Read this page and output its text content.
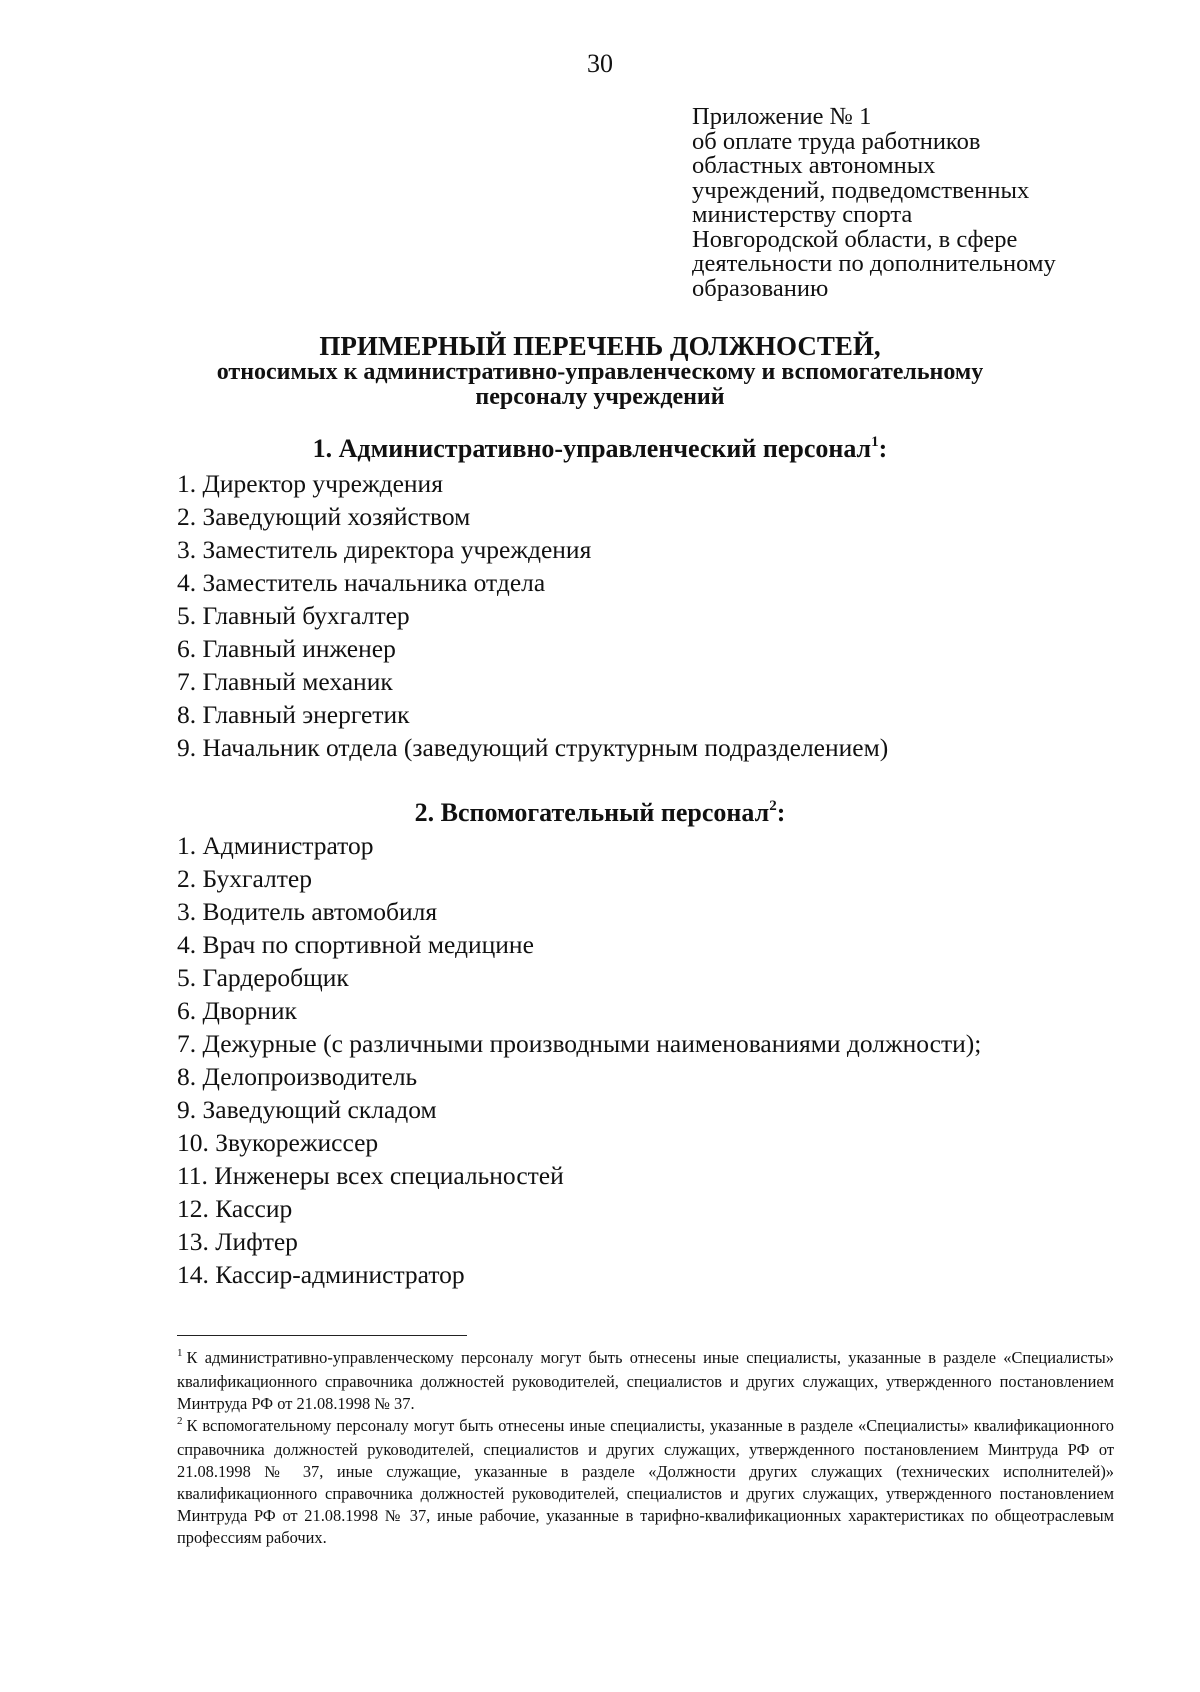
30
Приложение № 1
об оплате труда работников
областных автономных
учреждений, подведомственных
министерству спорта
Новгородской области, в сфере
деятельности по дополнительному
образованию
ПРИМЕРНЫЙ ПЕРЕЧЕНЬ ДОЛЖНОСТЕЙ,
относимых к административно-управленческому и вспомогательному
персоналу учреждений
1. Административно-управленческий персонал$^1$:
1. Директор учреждения
2. Заведующий хозяйством
3. Заместитель директора учреждения
4. Заместитель начальника отдела
5. Главный бухгалтер
6. Главный инженер
7. Главный механик
8. Главный энергетик
9. Начальник отдела (заведующий структурным подразделением)
2. Вспомогательный персонал$^2$:
1. Администратор
2. Бухгалтер
3. Водитель автомобиля
4. Врач по спортивной медицине
5. Гардеробщик
6. Дворник
7. Дежурные (с различными производными наименованиями должности);
8. Делопроизводитель
9. Заведующий складом
10. Звукорежиссер
11. Инженеры всех специальностей
12. Кассир
13. Лифтер
14. Кассир-администратор

$^1$ К административно-управленческому персоналу могут быть отнесены иные специалисты, указанные в разделе «Специалисты» квалификационного справочника должностей руководителей, специалистов и других служащих, утвержденного постановлением Минтруда РФ от 21.08.1998 № 37.

$^2$ К вспомогательному персоналу могут быть отнесены иные специалисты, указанные в разделе «Специалисты» квалификационного справочника должностей руководителей, специалистов и других служащих, утвержденного постановлением Минтруда РФ от 21.08.1998 № 37, иные служащие, указанные в разделе «Должности других служащих (технических исполнителей)» квалификационного справочника должностей руководителей, специалистов и других служащих, утвержденного постановлением Минтруда РФ от 21.08.1998 № 37, иные рабочие, указанные в тарифно-квалификационных характеристиках по общеотраслевым профессиям рабочих.
